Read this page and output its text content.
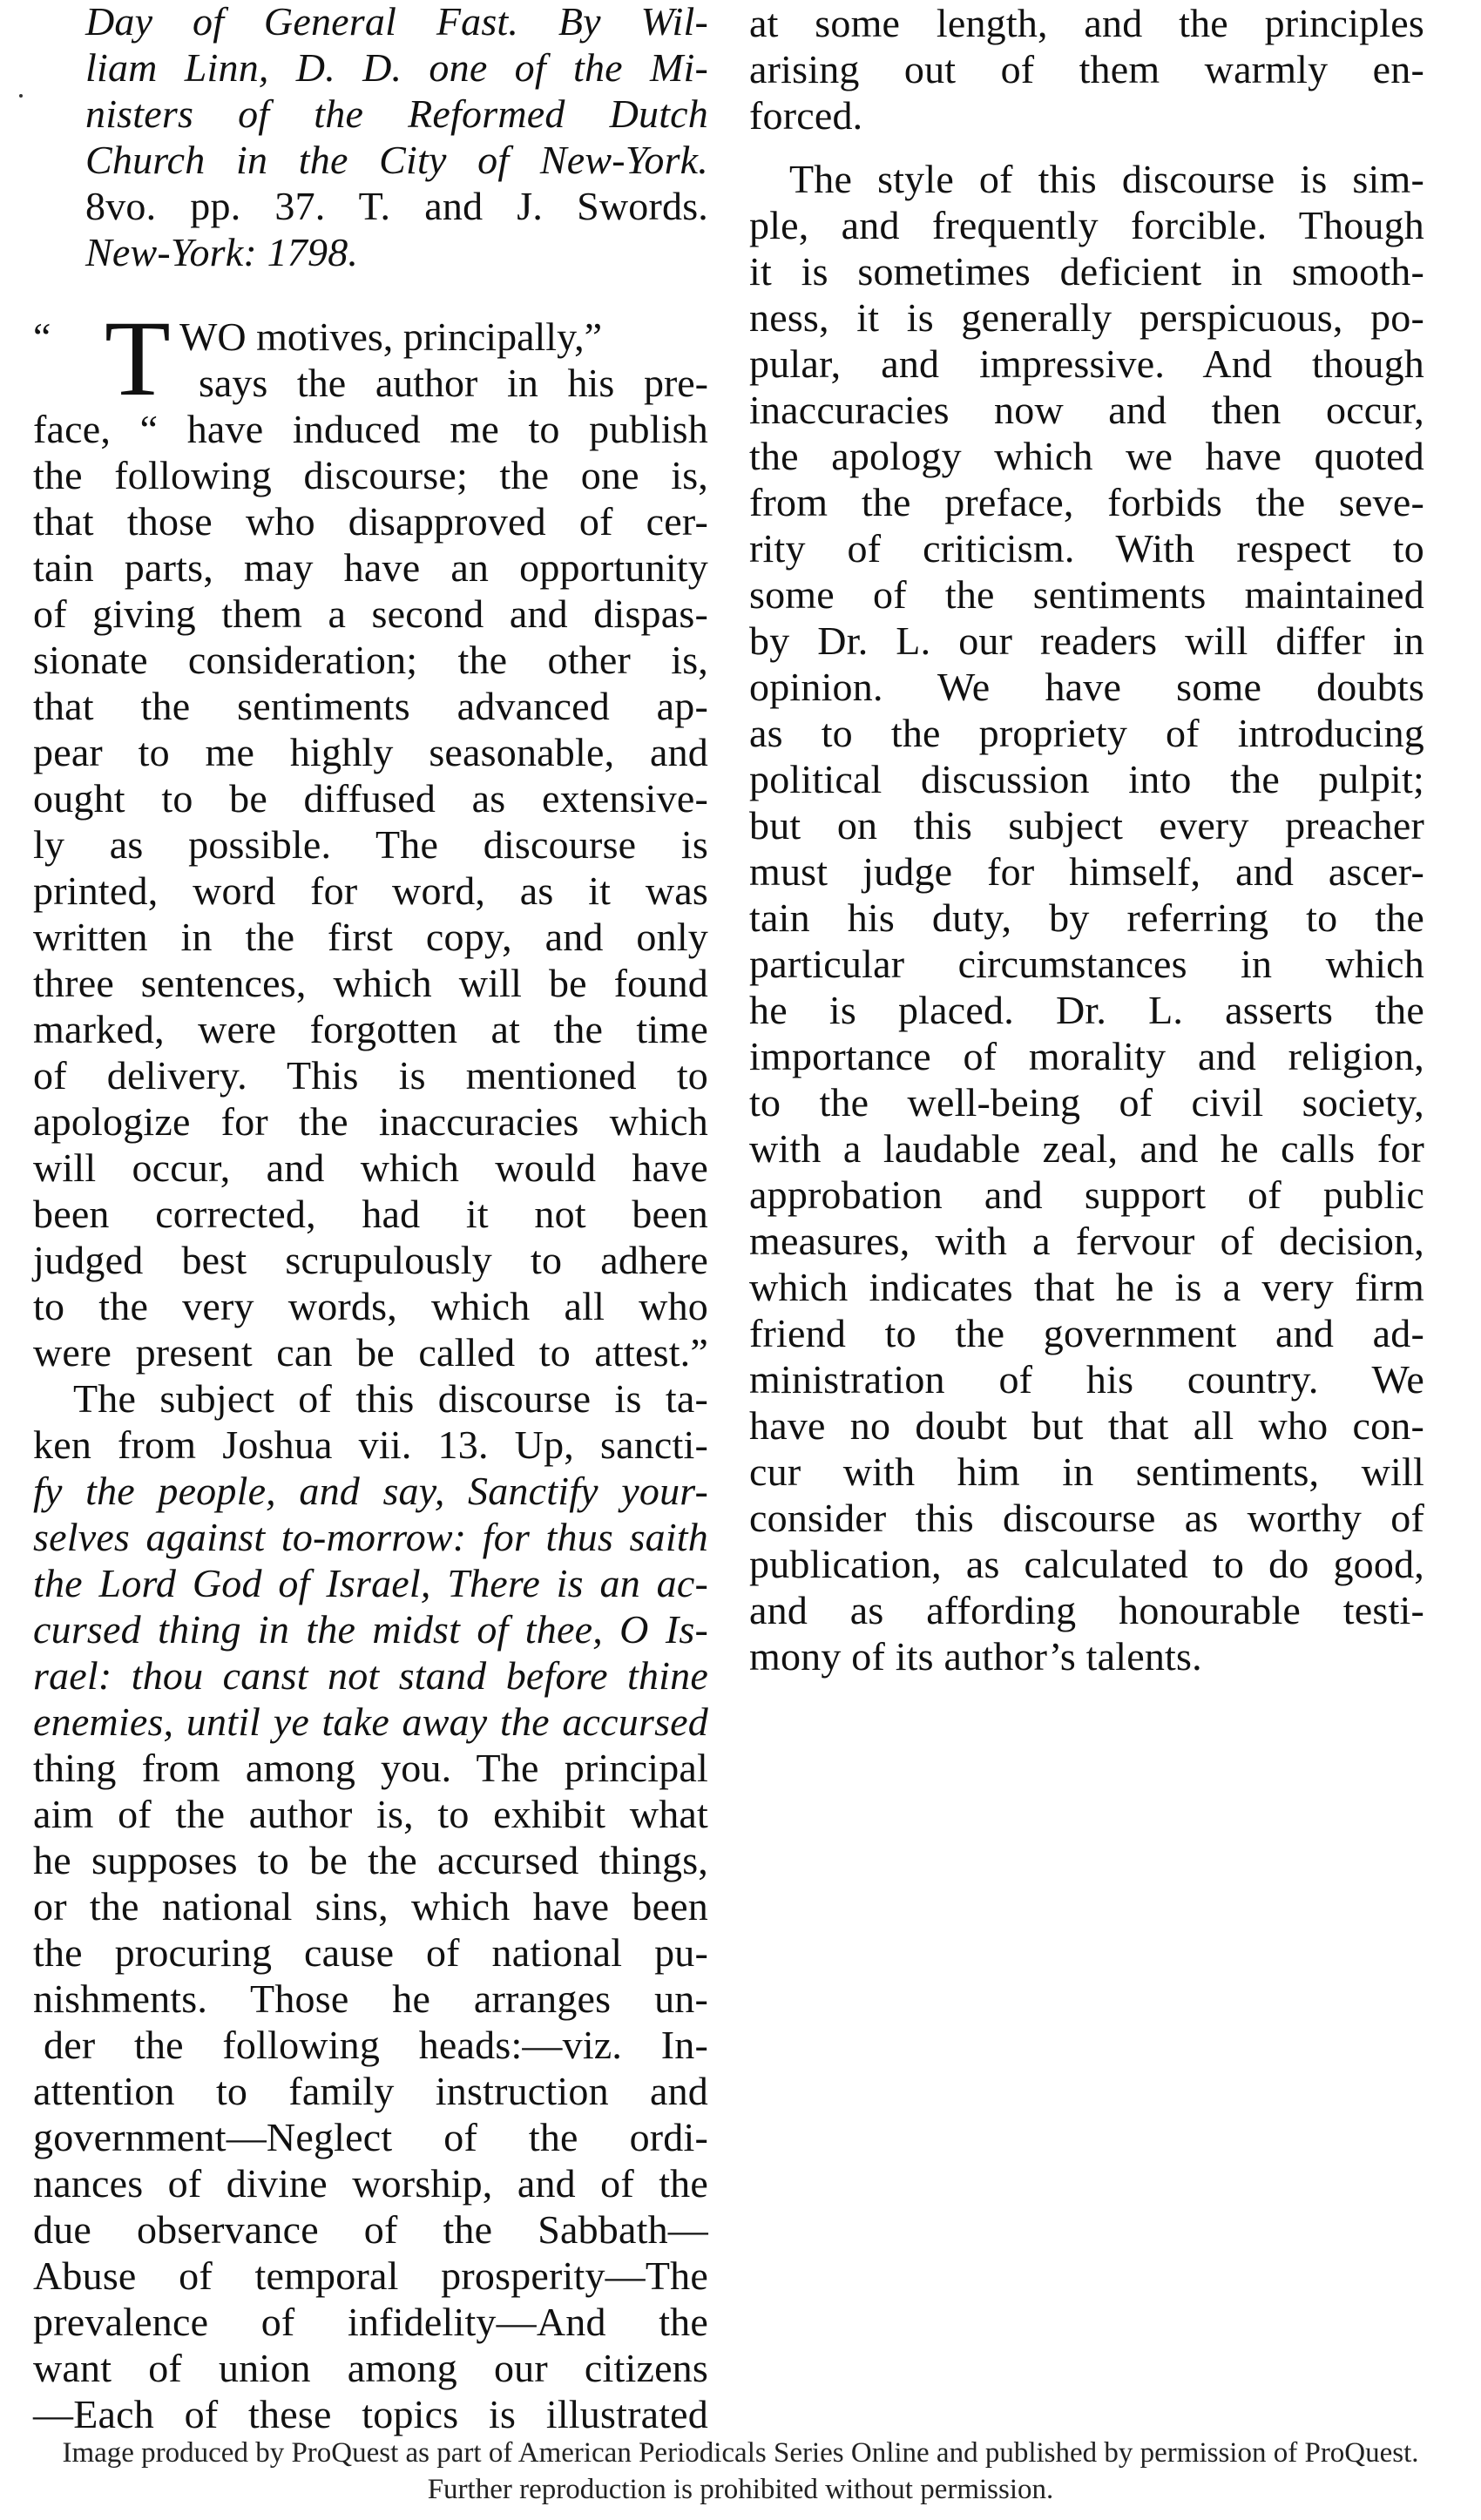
Day of General Fast. By Wil-
liam Linn, D. D. one of the Mi-
nisters of the Reformed Dutch
Church in the City of New-York.
8vo. pp. 37. T. and J. Swords.
New-York: 1798.
“	WO motives, principally,”
T says the author in his pre-
face, “ have induced me to publish
the following discourse; the one is,
that those who disapproved of cer-
tain parts, may have an opportunity
of giving them a second and dispas-
sionate consideration; the other is,
that the sentiments advanced ap-
pear to me highly seasonable, and
ought to be diffused as extensive-
ly as possible. The discourse is
printed, word for word, as it was
written in the first copy, and only
three sentences, which will be found
marked, were forgotten at the time
of delivery. This is mentioned to
apologize for the inaccuracies which
will occur, and which would have
been corrected, had it not been
judged best scrupulously to adhere
to the very words, which all who
were present can be called to attest.”
The subject of this discourse is ta-
ken from Joshua vii. 13. Up, sancti-
fy the people, and say, Sanctify your-
selves against to-morrow: for thus saith
the Lord God of Israel, There is an ac-
cursed thing in the midst of thee, O Is-
rael: thou canst not stand before thine
enemies, until ye take away the accursed
thing from among you. The principal
aim of the author is, to exhibit what
he supposes to be the accursed things,
or the national sins, which have been
the procuring cause of national pu-
nishments. Those he arranges un-
der the following heads:—viz. In-
attention to family instruction and
government—Neglect of the ordi-
nances of divine worship, and of the
due observance of the Sabbath—
Abuse of temporal prosperity—The
prevalence of infidelity—And the
want of union among our citizens
—Each of these topics is illustrated
at some length, and the principles
arising out of them warmly en-
forced.
The style of this discourse is sim-
ple, and frequently forcible. Though
it is sometimes deficient in smooth-
ness, it is generally perspicuous, po-
pular, and impressive. And though
inaccuracies now and then occur,
the apology which we have quoted
from the preface, forbids the seve-
rity of criticism. With respect to
some of the sentiments maintained
by Dr. L. our readers will differ in
opinion. We have some doubts
as to the propriety of introducing
political discussion into the pulpit;
but on this subject every preacher
must judge for himself, and ascer-
tain his duty, by referring to the
particular circumstances in which
he is placed. Dr. L. asserts the
importance of morality and religion,
to the well-being of civil society,
with a laudable zeal, and he calls for
approbation and support of public
measures, with a fervour of decision,
which indicates that he is a very firm
friend to the government and ad-
ministration of his country. We
have no doubt but that all who con-
cur with him in sentiments, will
consider this discourse as worthy of
publication, as calculated to do good,
and as affording honourable testi-
mony of its author’s talents.
Image produced by ProQuest as part of American Periodicals Series Online and published by permission of ProQuest.
Further reproduction is prohibited without permission.
